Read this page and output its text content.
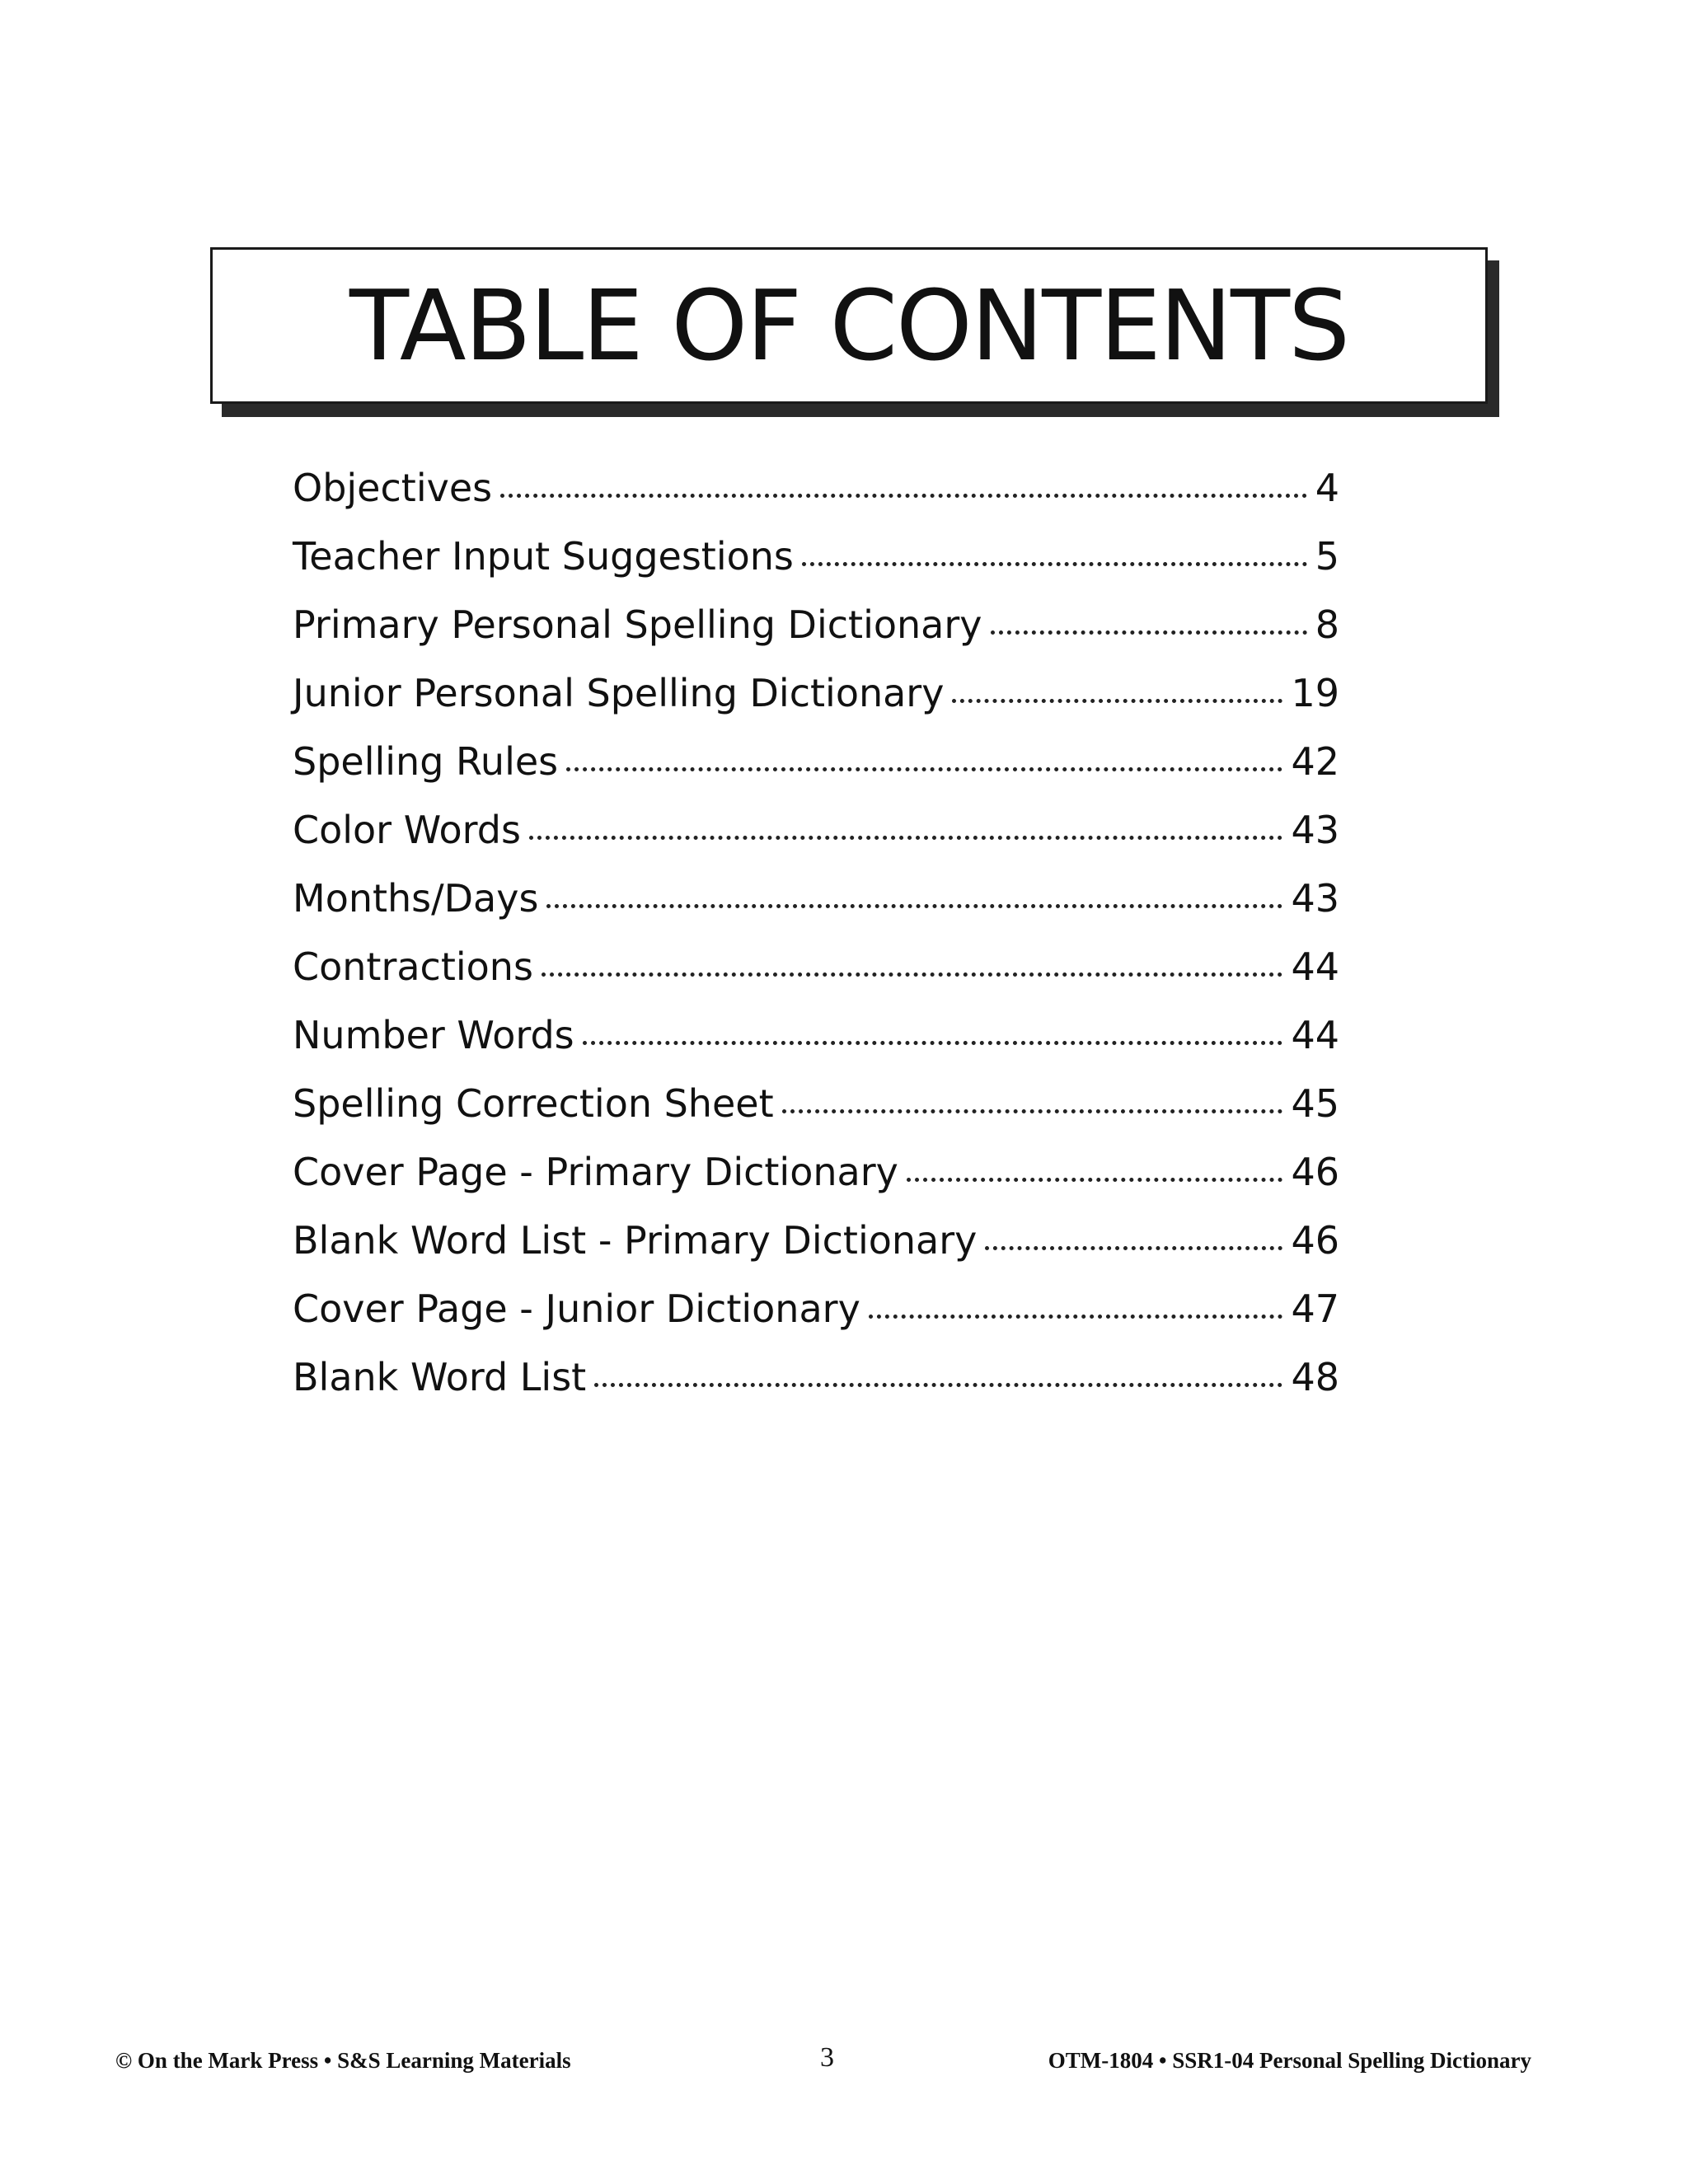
TABLE OF CONTENTS
Objectives	4
Teacher Input Suggestions	5
Primary Personal Spelling Dictionary	8
Junior Personal Spelling Dictionary	19
Spelling Rules	42
Color Words	43
Months/Days	43
Contractions	44
Number Words	44
Spelling Correction Sheet	45
Cover Page - Primary Dictionary	46
Blank Word List - Primary Dictionary	46
Cover Page - Junior Dictionary	47
Blank Word List	48
© On the Mark Press • S&S Learning Materials	3	OTM-1804 • SSR1-04 Personal Spelling Dictionary
